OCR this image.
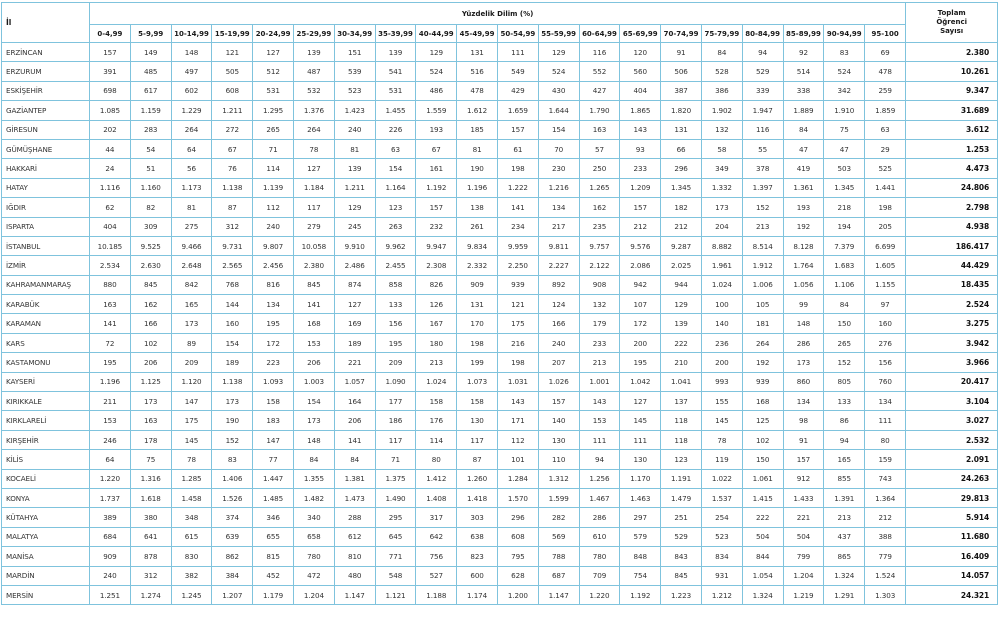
İl	Yüzdelik Dilim (%)																				Toplam
Öğrenci
Sayısı
	0-4,99	5-9,99	10-14,99	15-19,99	20-24,99	25-29,99	30-34,99	35-39,99	40-44,99	45-49,99	50-54,99	55-59,99	60-64,99	65-69,99	70-74,99	75-79,99	80-84,99	85-89,99	90-94,99	95-100	
ERZİNCAN	157	149	148	121	127	139	151	139	129	131	111	129	116	120	91	84	94	92	83	69	2.380
ERZURUM	391	485	497	505	512	487	539	541	524	516	549	524	552	560	506	528	529	514	524	478	10.261
ESKİŞEHİR	698	617	602	608	531	532	523	531	486	478	429	430	427	404	387	386	339	338	342	259	9.347
GAZİANTEP	1.085	1.159	1.229	1.211	1.295	1.376	1.423	1.455	1.559	1.612	1.659	1.644	1.790	1.865	1.820	1.902	1.947	1.889	1.910	1.859	31.689
GİRESUN	202	283	264	272	265	264	240	226	193	185	157	154	163	143	131	132	116	84	75	63	3.612
GÜMÜŞHANE	44	54	64	67	71	78	81	63	67	81	61	70	57	93	66	58	55	47	47	29	1.253
HAKKARİ	24	51	56	76	114	127	139	154	161	190	198	230	250	233	296	349	378	419	503	525	4.473
HATAY	1.116	1.160	1.173	1.138	1.139	1.184	1.211	1.164	1.192	1.196	1.222	1.216	1.265	1.209	1.345	1.332	1.397	1.361	1.345	1.441	24.806
IĞDIR	62	82	81	87	112	117	129	123	157	138	141	134	162	157	182	173	152	193	218	198	2.798
ISPARTA	404	309	275	312	240	279	245	263	232	261	234	217	235	212	212	204	213	192	194	205	4.938
İSTANBUL	10.185	9.525	9.466	9.731	9.807	10.058	9.910	9.962	9.947	9.834	9.959	9.811	9.757	9.576	9.287	8.882	8.514	8.128	7.379	6.699	186.417
İZMİR	2.534	2.630	2.648	2.565	2.456	2.380	2.486	2.455	2.308	2.332	2.250	2.227	2.122	2.086	2.025	1.961	1.912	1.764	1.683	1.605	44.429
KAHRAMANMARAŞ	880	845	842	768	816	845	874	858	826	909	939	892	908	942	944	1.024	1.006	1.056	1.106	1.155	18.435
KARABÜK	163	162	165	144	134	141	127	133	126	131	121	124	132	107	129	100	105	99	84	97	2.524
KARAMAN	141	166	173	160	195	168	169	156	167	170	175	166	179	172	139	140	181	148	150	160	3.275
KARS	72	102	89	154	172	153	189	195	180	198	216	240	233	200	222	236	264	286	265	276	3.942
KASTAMONU	195	206	209	189	223	206	221	209	213	199	198	207	213	195	210	200	192	173	152	156	3.966
KAYSERİ	1.196	1.125	1.120	1.138	1.093	1.003	1.057	1.090	1.024	1.073	1.031	1.026	1.001	1.042	1.041	993	939	860	805	760	20.417
KIRIKKALE	211	173	147	173	158	154	164	177	158	158	143	157	143	127	137	155	168	134	133	134	3.104
KIRKLARELİ	153	163	175	190	183	173	206	186	176	130	171	140	153	145	118	145	125	98	86	111	3.027
KIRŞEHİR	246	178	145	152	147	148	141	117	114	117	112	130	111	111	118	78	102	91	94	80	2.532
KİLİS	64	75	78	83	77	84	84	71	80	87	101	110	94	130	123	119	150	157	165	159	2.091
KOCAELİ	1.220	1.316	1.285	1.406	1.447	1.355	1.381	1.375	1.412	1.260	1.284	1.312	1.256	1.170	1.191	1.022	1.061	912	855	743	24.263
KONYA	1.737	1.618	1.458	1.526	1.485	1.482	1.473	1.490	1.408	1.418	1.570	1.599	1.467	1.463	1.479	1.537	1.415	1.433	1.391	1.364	29.813
KÜTAHYA	389	380	348	374	346	340	288	295	317	303	296	282	286	297	251	254	222	221	213	212	5.914
MALATYA	684	641	615	639	655	658	612	645	642	638	608	569	610	579	529	523	504	504	437	388	11.680
MANİSA	909	878	830	862	815	780	810	771	756	823	795	788	780	848	843	834	844	799	865	779	16.409
MARDİN	240	312	382	384	452	472	480	548	527	600	628	687	709	754	845	931	1.054	1.204	1.324	1.524	14.057
MERSİN	1.251	1.274	1.245	1.207	1.179	1.204	1.147	1.121	1.188	1.174	1.200	1.147	1.220	1.192	1.223	1.212	1.324	1.219	1.291	1.303	24.321
